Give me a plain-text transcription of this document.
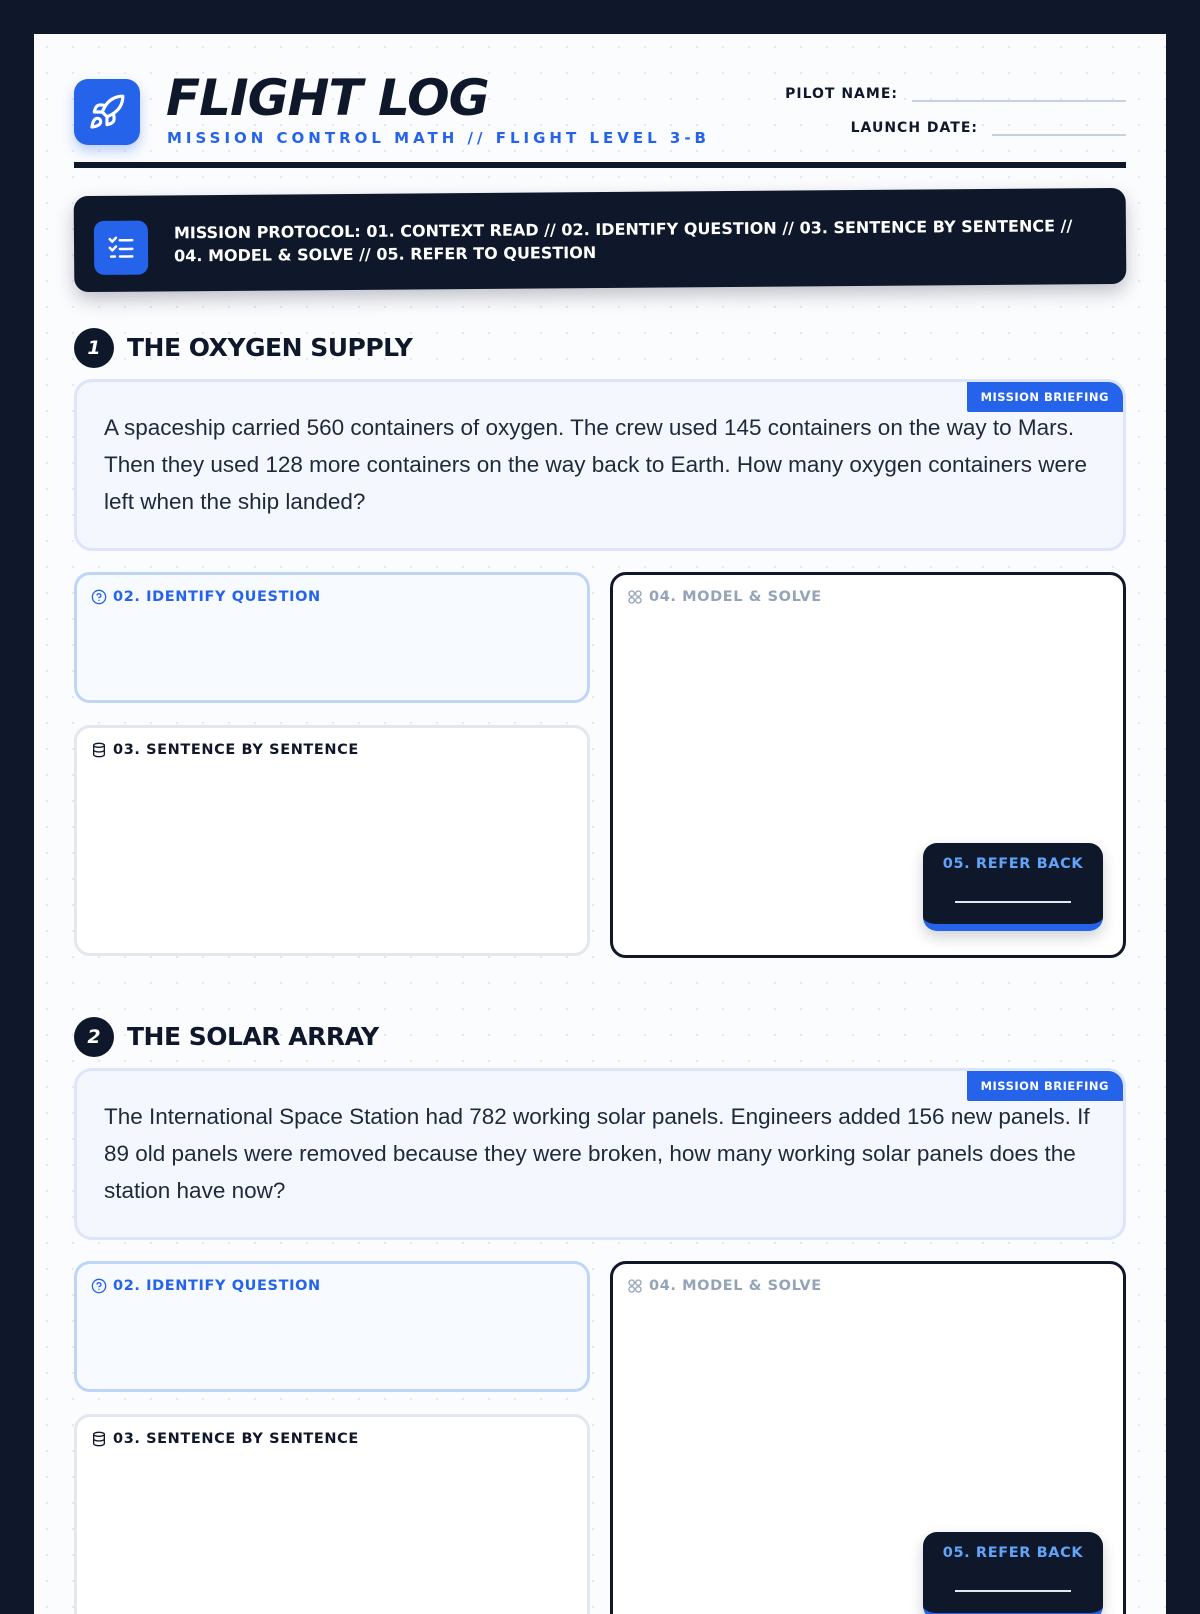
FLIGHT LOG
MISSION CONTROL MATH // FLIGHT LEVEL 3-B
PILOT NAME:
LAUNCH DATE:
MISSION PROTOCOL: 01. CONTEXT READ // 02. IDENTIFY QUESTION // 03. SENTENCE BY SENTENCE // 04. MODEL & SOLVE // 05. REFER TO QUESTION
1	THE OXYGEN SUPPLY
MISSION BRIEFING
A spaceship carried 560 containers of oxygen. The crew used 145 containers on the way to Mars. Then they used 128 more containers on the way back to Earth. How many oxygen containers were left when the ship landed?
02. IDENTIFY QUESTION
03. SENTENCE BY SENTENCE
04. MODEL & SOLVE
05. REFER BACK
2	THE SOLAR ARRAY
MISSION BRIEFING
The International Space Station had 782 working solar panels. Engineers added 156 new panels. If 89 old panels were removed because they were broken, how many working solar panels does the station have now?
02. IDENTIFY QUESTION
03. SENTENCE BY SENTENCE
04. MODEL & SOLVE
05. REFER BACK
